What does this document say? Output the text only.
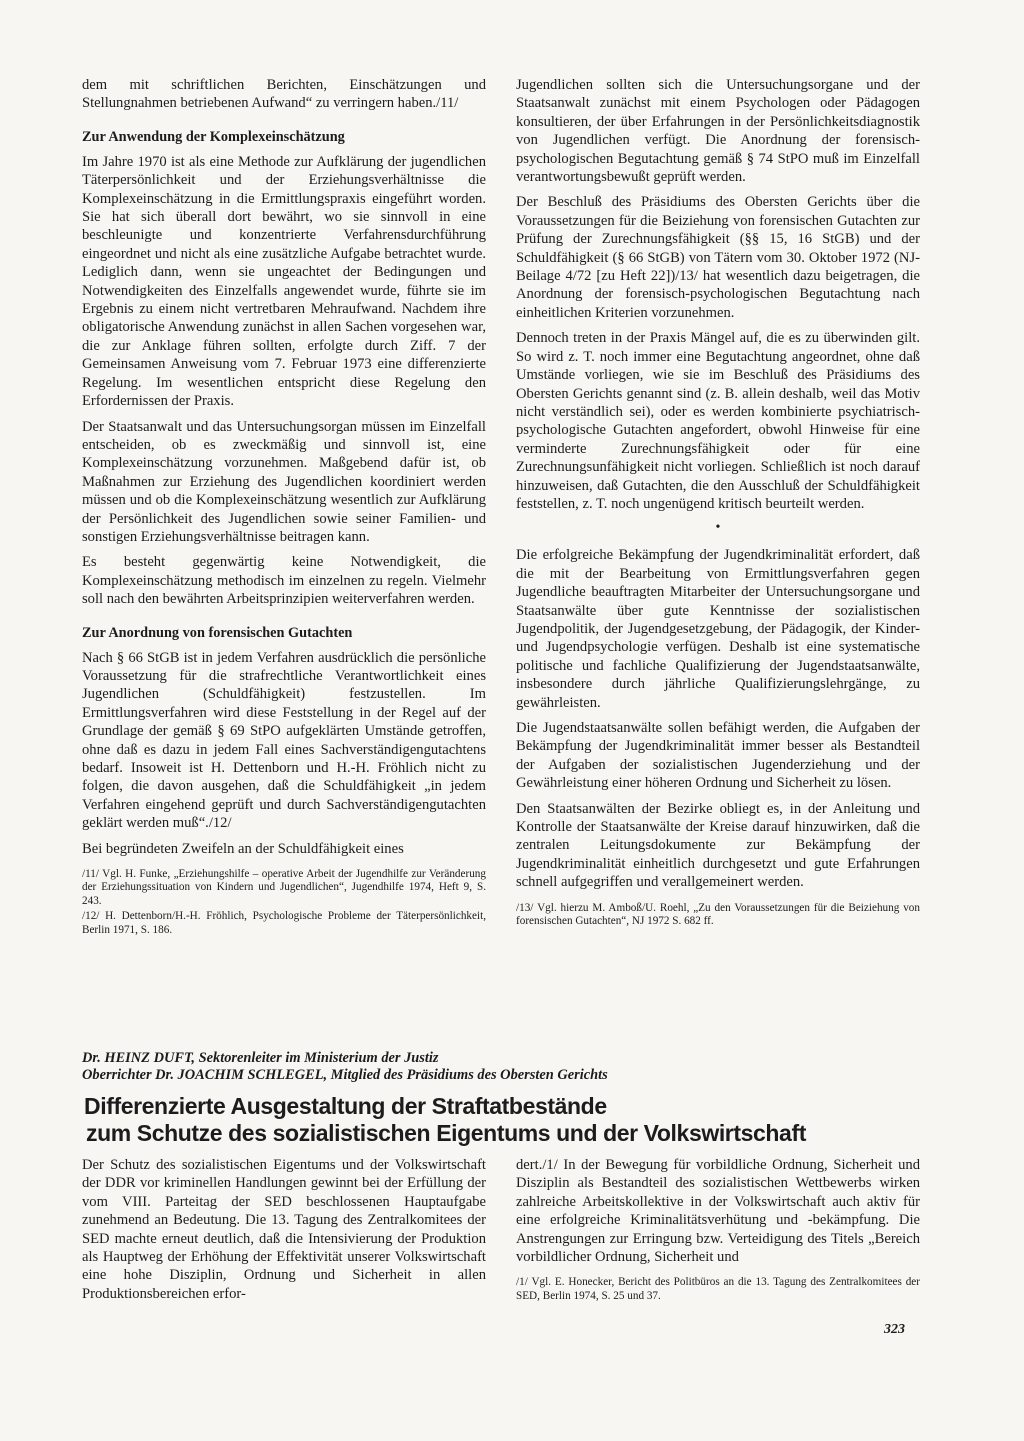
dem mit schriftlichen Berichten, Einschätzungen und Stellungnahmen betriebenen Aufwand“ zu verringern haben./11/

Zur Anwendung der Komplexeinschätzung

Im Jahre 1970 ist als eine Methode zur Aufklärung der jugendlichen Täterpersönlichkeit und der Erziehungsverhältnisse die Komplexeinschätzung in die Ermittlungspraxis eingeführt worden. Sie hat sich überall dort bewährt, wo sie sinnvoll in eine beschleunigte und konzentrierte Verfahrensdurchführung eingeordnet und nicht als eine zusätzliche Aufgabe betrachtet wurde. Lediglich dann, wenn sie ungeachtet der Bedingungen und Notwendigkeiten des Einzelfalls angewendet wurde, führte sie im Ergebnis zu einem nicht vertretbaren Mehraufwand. Nachdem ihre obligatorische Anwendung zunächst in allen Sachen vorgesehen war, die zur Anklage führen sollten, erfolgte durch Ziff. 7 der Gemeinsamen Anweisung vom 7. Februar 1973 eine differenzierte Regelung. Im wesentlichen entspricht diese Regelung den Erfordernissen der Praxis.

Der Staatsanwalt und das Untersuchungsorgan müssen im Einzelfall entscheiden, ob es zweckmäßig und sinnvoll ist, eine Komplexeinschätzung vorzunehmen. Maßgebend dafür ist, ob Maßnahmen zur Erziehung des Jugendlichen koordiniert werden müssen und ob die Komplexeinschätzung wesentlich zur Aufklärung der Persönlichkeit des Jugendlichen sowie seiner Familien- und sonstigen Erziehungsverhältnisse beitragen kann.

Es besteht gegenwärtig keine Notwendigkeit, die Komplexeinschätzung methodisch im einzelnen zu regeln. Vielmehr soll nach den bewährten Arbeitsprinzipien weiterverfahren werden.

Zur Anordnung von forensischen Gutachten

Nach § 66 StGB ist in jedem Verfahren ausdrücklich die persönliche Voraussetzung für die strafrechtliche Verantwortlichkeit eines Jugendlichen (Schuldfähigkeit) festzustellen. Im Ermittlungsverfahren wird diese Feststellung in der Regel auf der Grundlage der gemäß § 69 StPO aufgeklärten Umstände getroffen, ohne daß es dazu in jedem Fall eines Sachverständigengutachtens bedarf. Insoweit ist H. Dettenborn und H.-H. Fröhlich nicht zu folgen, die davon ausgehen, daß die Schuldfähigkeit „in jedem Verfahren eingehend geprüft und durch Sachverständigengutachten geklärt werden muß“./12/

Bei begründeten Zweifeln an der Schuldfähigkeit eines

/11/ Vgl. H. Funke, „Erziehungshilfe – operative Arbeit der Jugendhilfe zur Veränderung der Erziehungssituation von Kindern und Jugendlichen“, Jugendhilfe 1974, Heft 9, S. 243.

/12/ H. Dettenborn/H.-H. Fröhlich, Psychologische Probleme der Täterpersönlichkeit, Berlin 1971, S. 186.

Jugendlichen sollten sich die Untersuchungsorgane und der Staatsanwalt zunächst mit einem Psychologen oder Pädagogen konsultieren, der über Erfahrungen in der Persönlichkeitsdiagnostik von Jugendlichen verfügt. Die Anordnung der forensisch-psychologischen Begutachtung gemäß § 74 StPO muß im Einzelfall verantwortungsbewußt geprüft werden.

Der Beschluß des Präsidiums des Obersten Gerichts über die Voraussetzungen für die Beiziehung von forensischen Gutachten zur Prüfung der Zurechnungsfähigkeit (§§ 15, 16 StGB) und der Schuldfähigkeit (§ 66 StGB) von Tätern vom 30. Oktober 1972 (NJ-Beilage 4/72 [zu Heft 22])/13/ hat wesentlich dazu beigetragen, die Anordnung der forensisch-psychologischen Begutachtung nach einheitlichen Kriterien vorzunehmen.

Dennoch treten in der Praxis Mängel auf, die es zu überwinden gilt. So wird z. T. noch immer eine Begutachtung angeordnet, ohne daß Umstände vorliegen, wie sie im Beschluß des Präsidiums des Obersten Gerichts genannt sind (z. B. allein deshalb, weil das Motiv nicht verständlich sei), oder es werden kombinierte psychiatrisch-psychologische Gutachten angefordert, obwohl Hinweise für eine verminderte Zurechnungsfähigkeit oder für eine Zurechnungsunfähigkeit nicht vorliegen. Schließlich ist noch darauf hinzuweisen, daß Gutachten, die den Ausschluß der Schuldfähigkeit feststellen, z. T. noch ungenügend kritisch beurteilt werden.

•

Die erfolgreiche Bekämpfung der Jugendkriminalität erfordert, daß die mit der Bearbeitung von Ermittlungsverfahren gegen Jugendliche beauftragten Mitarbeiter der Untersuchungsorgane und Staatsanwälte über gute Kenntnisse der sozialistischen Jugendpolitik, der Jugendgesetzgebung, der Pädagogik, der Kinder- und Jugendpsychologie verfügen. Deshalb ist eine systematische politische und fachliche Qualifizierung der Jugendstaatsanwälte, insbesondere durch jährliche Qualifizierungslehrgänge, zu gewährleisten.

Die Jugendstaatsanwälte sollen befähigt werden, die Aufgaben der Bekämpfung der Jugendkriminalität immer besser als Bestandteil der Aufgaben der sozialistischen Jugenderziehung und der Gewährleistung einer höheren Ordnung und Sicherheit zu lösen.

Den Staatsanwälten der Bezirke obliegt es, in der Anleitung und Kontrolle der Staatsanwälte der Kreise darauf hinzuwirken, daß die zentralen Leitungsdokumente zur Bekämpfung der Jugendkriminalität einheitlich durchgesetzt und gute Erfahrungen schnell aufgegriffen und verallgemeinert werden.

/13/ Vgl. hierzu M. Amboß/U. Roehl, „Zu den Voraussetzungen für die Beiziehung von forensischen Gutachten“, NJ 1972 S. 682 ff.

Dr. HEINZ DUFT, Sektorenleiter im Ministerium der Justiz
Oberrichter Dr. JOACHIM SCHLEGEL, Mitglied des Präsidiums des Obersten Gerichts
Differenzierte Ausgestaltung der Straftatbestände
zum Schutze des sozialistischen Eigentums und der Volkswirtschaft

Der Schutz des sozialistischen Eigentums und der Volkswirtschaft der DDR vor kriminellen Handlungen gewinnt bei der Erfüllung der vom VIII. Parteitag der SED beschlossenen Hauptaufgabe zunehmend an Bedeutung. Die 13. Tagung des Zentralkomitees der SED machte erneut deutlich, daß die Intensivierung der Produktion als Hauptweg der Erhöhung der Effektivität unserer Volkswirtschaft eine hohe Disziplin, Ordnung und Sicherheit in allen Produktionsbereichen erfor-

dert./1/ In der Bewegung für vorbildliche Ordnung, Sicherheit und Disziplin als Bestandteil des sozialistischen Wettbewerbs wirken zahlreiche Arbeitskollektive in der Volkswirtschaft auch aktiv für eine erfolgreiche Kriminalitätsverhütung und -bekämpfung. Die Anstrengungen zur Erringung bzw. Verteidigung des Titels „Bereich vorbildlicher Ordnung, Sicherheit und

/1/ Vgl. E. Honecker, Bericht des Politbüros an die 13. Tagung des Zentralkomitees der SED, Berlin 1974, S. 25 und 37.

323
